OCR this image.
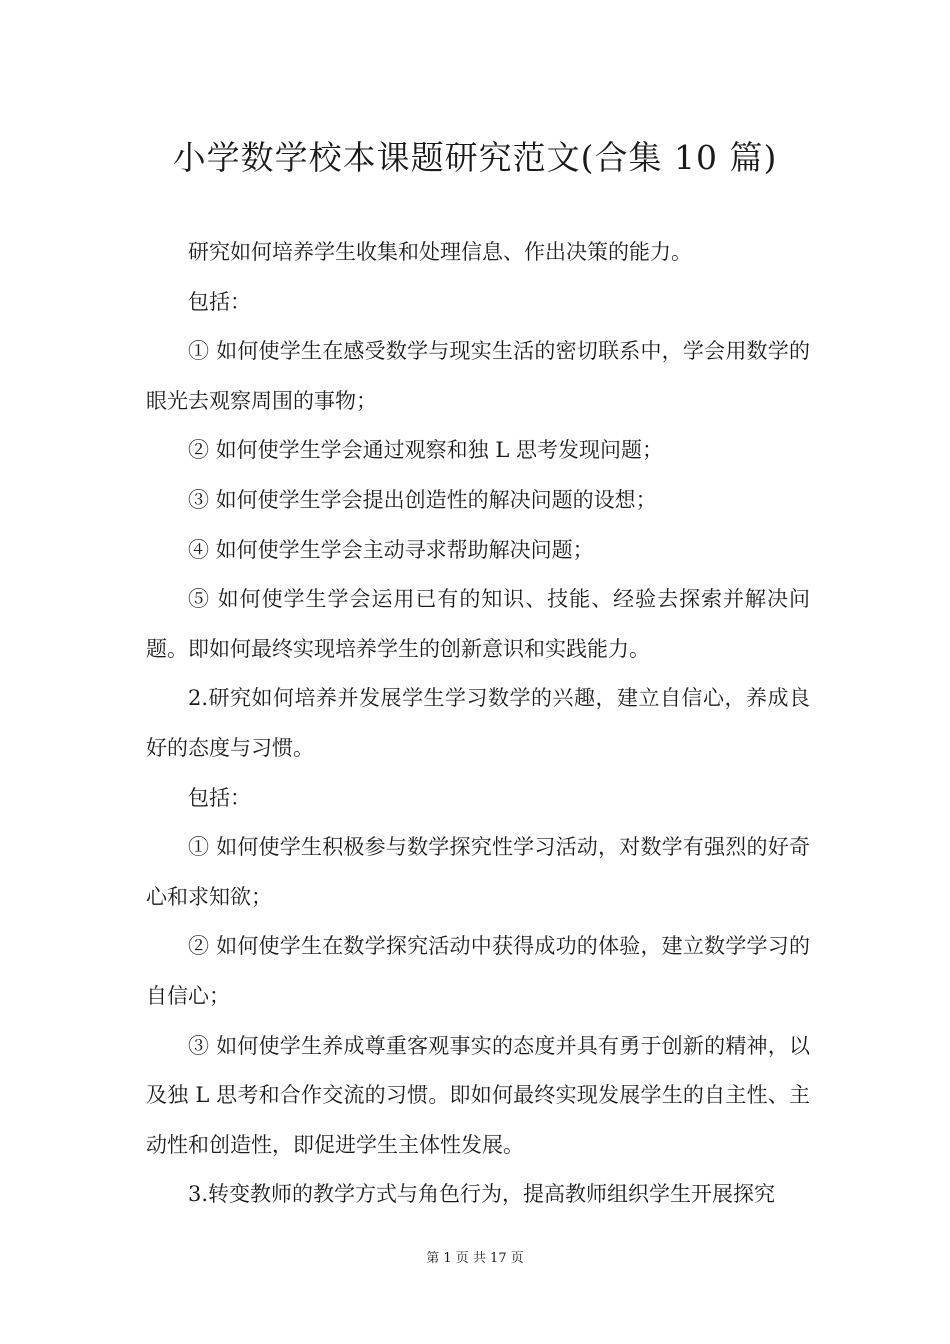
小学数学校本课题研究范文(合集 10 篇)

研究如何培养学生收集和处理信息、作出决策的能力。

包括：

① 如何使学生在感受数学与现实生活的密切联系中，学会用数学的眼光去观察周围的事物；

② 如何使学生学会通过观察和独 L 思考发现问题；

③ 如何使学生学会提出创造性的解决问题的设想；

④ 如何使学生学会主动寻求帮助解决问题；

⑤ 如何使学生学会运用已有的知识、技能、经验去探索并解决问题。即如何最终实现培养学生的创新意识和实践能力。

2.研究如何培养并发展学生学习数学的兴趣，建立自信心，养成良好的态度与习惯。

包括：

① 如何使学生积极参与数学探究性学习活动，对数学有强烈的好奇心和求知欲；

② 如何使学生在数学探究活动中获得成功的体验，建立数学学习的自信心；

③ 如何使学生养成尊重客观事实的态度并具有勇于创新的精神，以及独 L 思考和合作交流的习惯。即如何最终实现发展学生的自主性、主动性和创造性，即促进学生主体性发展。

3.转变教师的教学方式与角色行为，提高教师组织学生开展探究

第 1 页 共 17 页
